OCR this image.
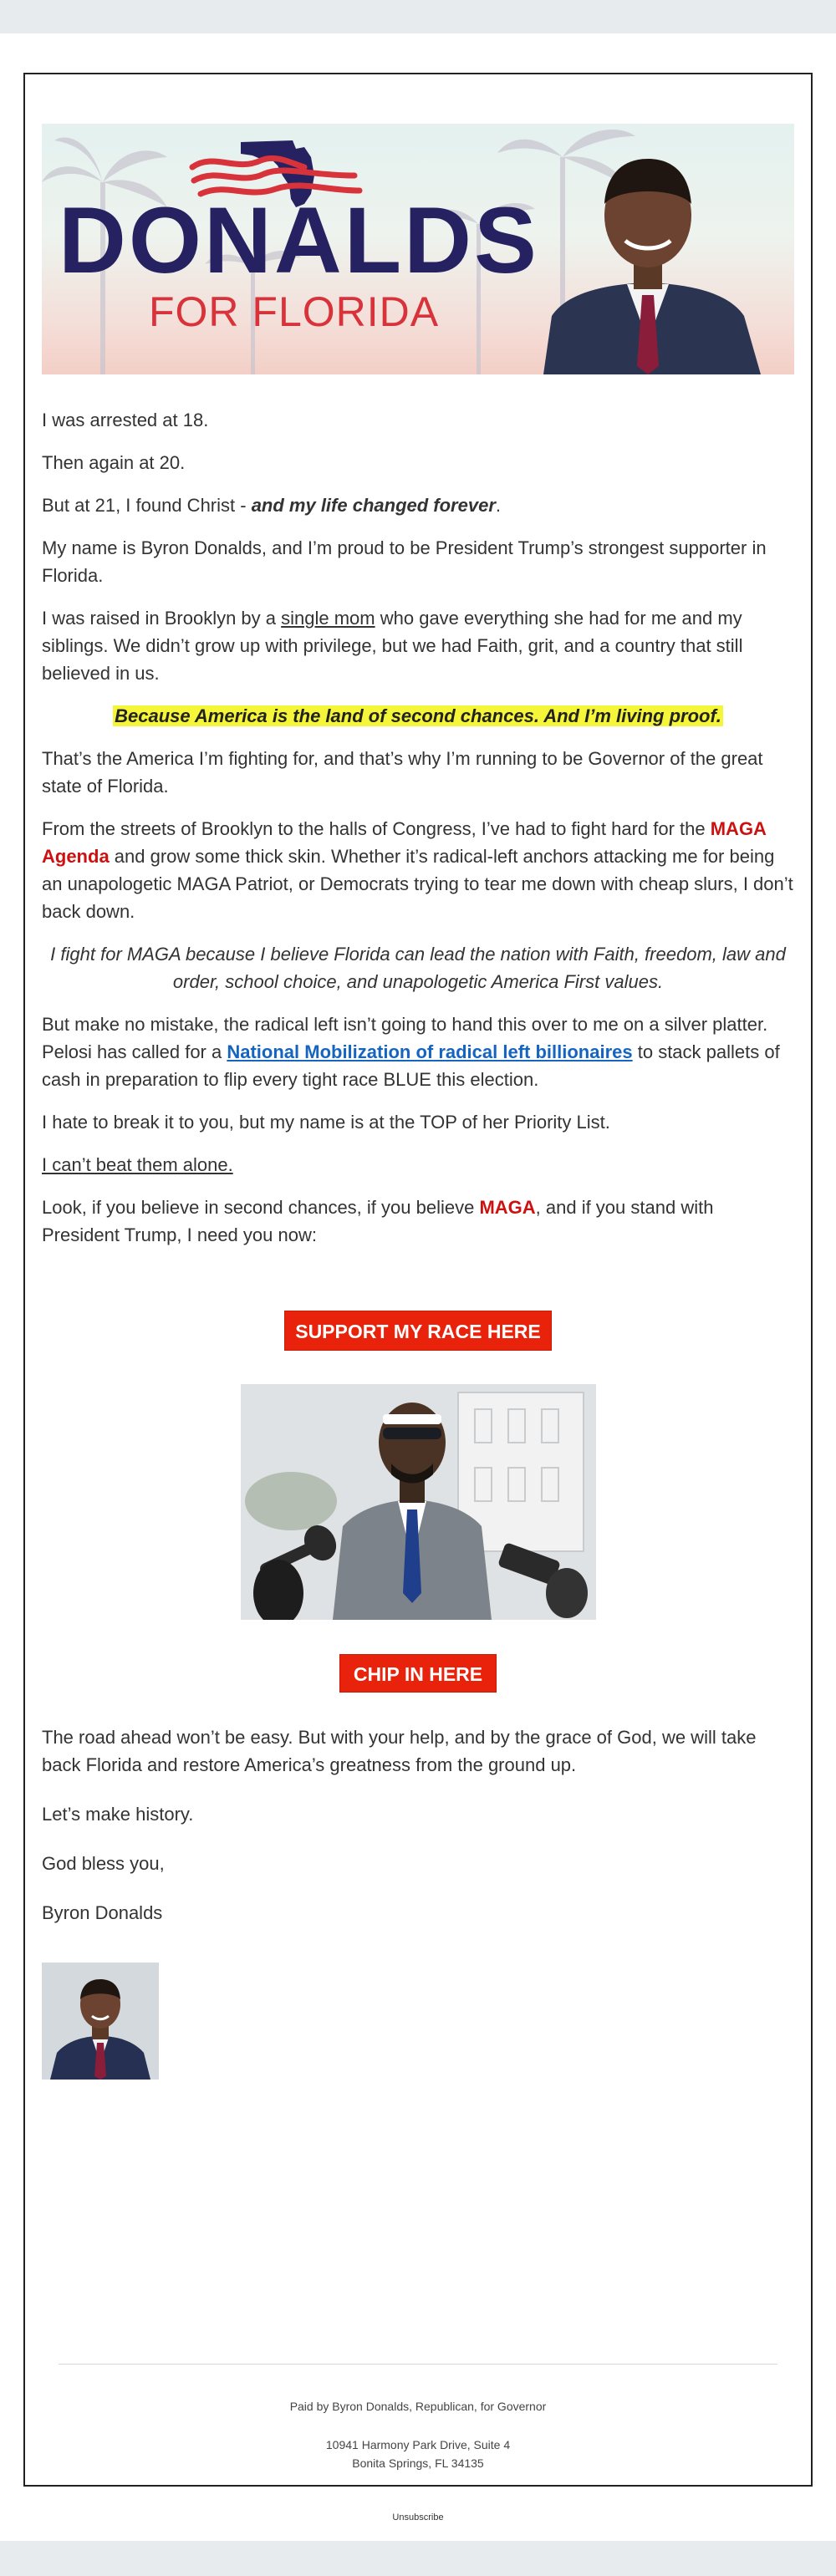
DONALDS
FOR FLORIDA

I was arrested at 18.

Then again at 20.

But at 21, I found Christ - and my life changed forever.

My name is Byron Donalds, and I’m proud to be President Trump’s strongest supporter in Florida.

I was raised in Brooklyn by a single mom who gave everything she had for me and my siblings. We didn’t grow up with privilege, but we had Faith, grit, and a country that still believed in us.

Because America is the land of second chances. And I’m living proof.

That’s the America I’m fighting for, and that’s why I’m running to be Governor of the great state of Florida.

From the streets of Brooklyn to the halls of Congress, I’ve had to fight hard for the MAGA Agenda and grow some thick skin. Whether it’s radical-left anchors attacking me for being an unapologetic MAGA Patriot, or Democrats trying to tear me down with cheap slurs, I don’t back down.

I fight for MAGA because I believe Florida can lead the nation with Faith, freedom, law and order, school choice, and unapologetic America First values.

But make no mistake, the radical left isn’t going to hand this over to me on a silver platter. Pelosi has called for a National Mobilization of radical left billionaires to stack pallets of cash in preparation to flip every tight race BLUE this election.

I hate to break it to you, but my name is at the TOP of her Priority List.

I can’t beat them alone.

Look, if you believe in second chances, if you believe MAGA, and if you stand with President Trump, I need you now:

SUPPORT MY RACE HERE
CHIP IN HERE

The road ahead won’t be easy. But with your help, and by the grace of God, we will take back Florida and restore America’s greatness from the ground up.

Let’s make history.

God bless you,

Byron Donalds

Paid by Byron Donalds, Republican, for Governor
10941 Harmony Park Drive, Suite 4
Bonita Springs, FL 34135
Unsubscribe
